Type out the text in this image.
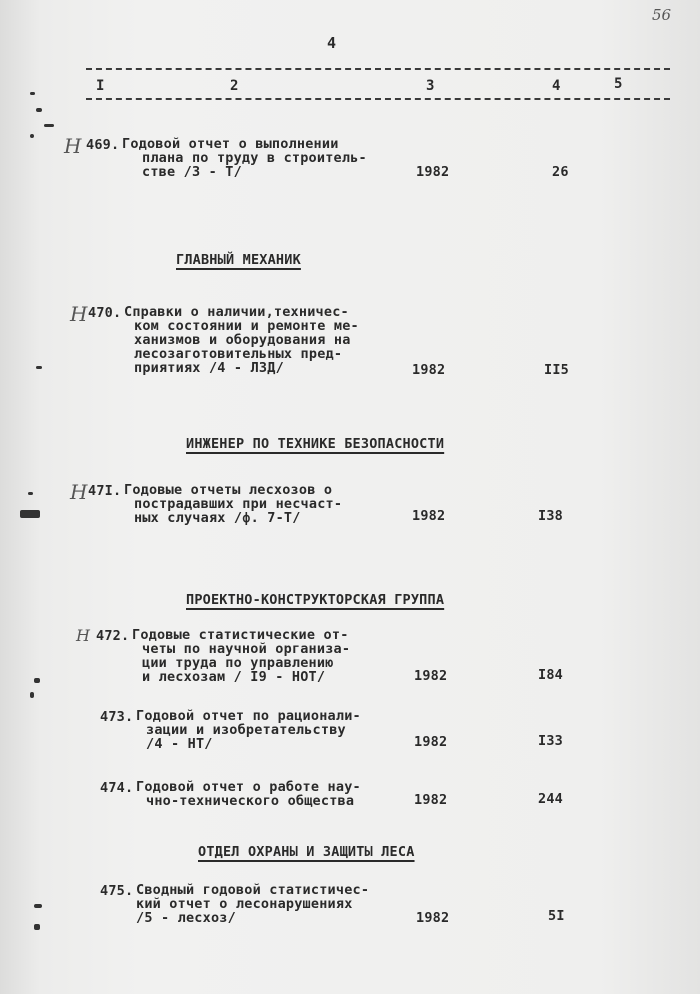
56
4
I	2	3	4	5
Н 469. Годовой отчет о выполнении
плана по труду в строитель-
стве /3 - Т/	1982	26
ГЛАВНЫЙ МЕХАНИК
Н 470. Справки о наличии,техничес-
ком состоянии и ремонте ме-
ханизмов и оборудования на
лесозаготовительных пред-
приятиях /4 - ЛЗД/	1982	II5
ИНЖЕНЕР ПО ТЕХНИКЕ БЕЗОПАСНОСТИ
Н 47I. Годовые отчеты лесхозов о
пострадавших при несчаст-
ных случаях /ф. 7-Т/	1982	I38
ПРОЕКТНО-КОНСТРУКТОРСКАЯ ГРУППА
Н 472. Годовые статистические от-
четы по научной организа-
ции труда по управлению
и лесхозам / I9 - НОТ/	1982	I84
473. Годовой отчет по рационали-
зации и изобретательству
/4 - НТ/	1982	I33
474. Годовой отчет о работе нау-
чно-технического общества	1982	244
ОТДЕЛ ОХРАНЫ И ЗАЩИТЫ ЛЕСА
475. Сводный годовой статистичес-
кий отчет о лесонарушениях
/5 - лесхоз/	1982	5I
